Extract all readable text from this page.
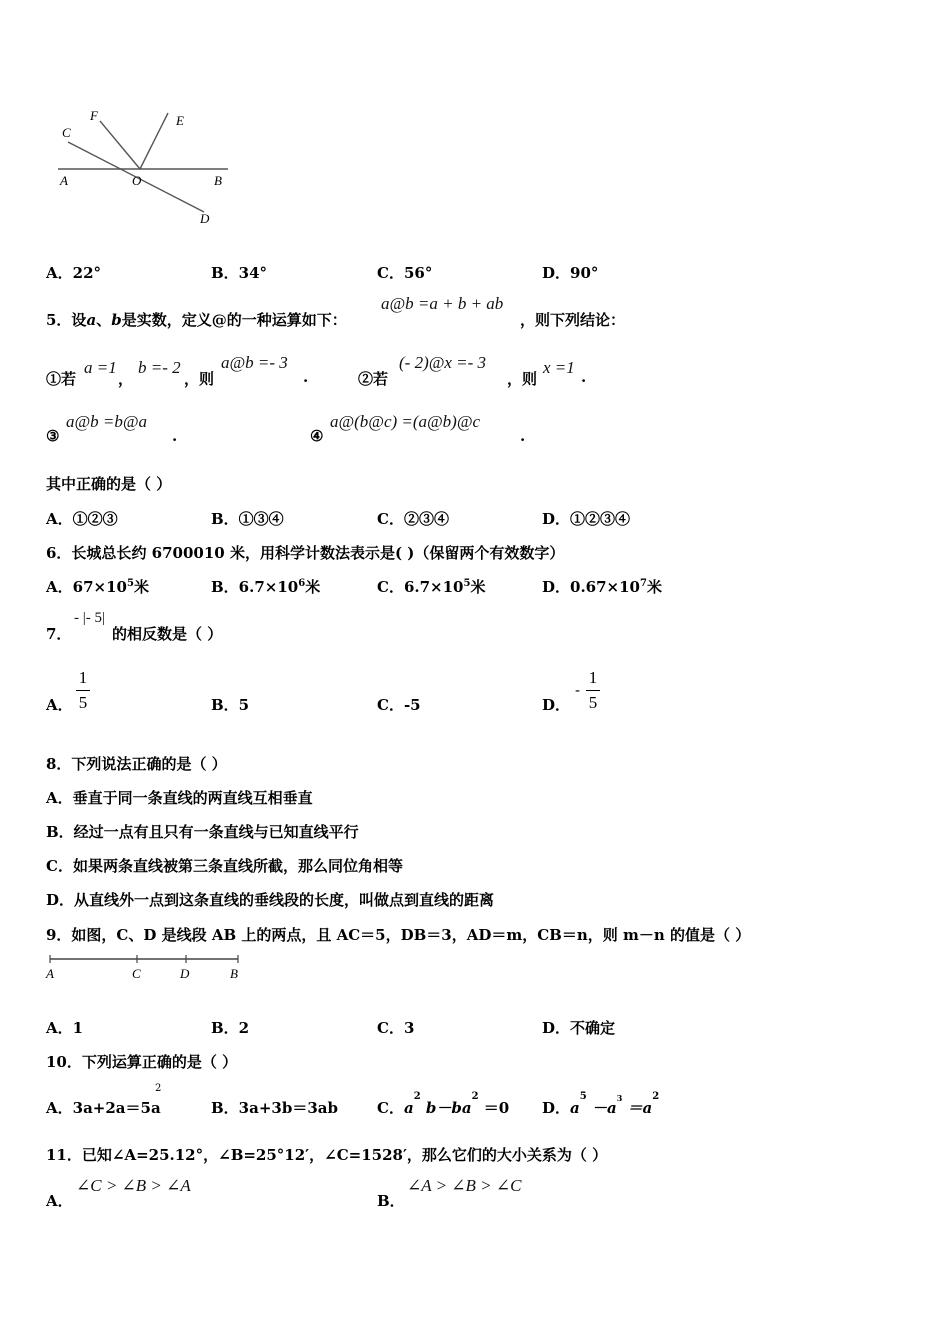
F	E
C
A	O	B
D
A．22°	B．34°	C．56°	D．90°
5．设a、b是实数，定义@的一种运算如下：
a@b =a + b + ab
，则下列结论：
①若
a =1
，
b =- 2
，则
a@b =- 3
.	②若
(- 2)@x =- 3
，则
x =1 .
③
a@b =b@a
.	④
a@(b@c) =(a@b)@c
.
其中正确的是（ ）
A．①②③	B．①③④	C．②③④	D．①②③④
6．长城总长约 6700010 米，用科学计数法表示是( )（保留两个有效数字）
A．$67\times 10^5$米	B．$6.7\times 10^6$米	C．$6.7\times 10^5$米	D．$0.67\times 10^7$米
7．
- |- 5|
的相反数是（ ）
A．
1
5	B．5	C．-5	D．
-
1
5
8．下列说法正确的是（ ）
A．垂直于同一条直线的两直线互相垂直
B．经过一点有且只有一条直线与已知直线平行
C．如果两条直线被第三条直线所截，那么同位角相等
D．从直线外一点到这条直线的垂线段的长度，叫做点到直线的距离
9．如图，C、D 是线段 AB 上的两点，且 AC＝5，DB＝3，AD＝m，CB＝n，则 m－n 的值是（ ）
A	C	D	B
A．1	B．2	C．3	D．不确定
10．下列运算正确的是（ ）
A．3a+2a＝5a
2
B．3a+3b＝3ab	C．$a^2$ $b-ba^2 =0$ D．$a^5 -a^3 =a^2$
11．已知∠A=25.12°，∠B=25°12′，∠C=1528′，那么它们的大小关系为（ ）
A．
∠C > ∠B > ∠A
B．
∠A > ∠B > ∠C
